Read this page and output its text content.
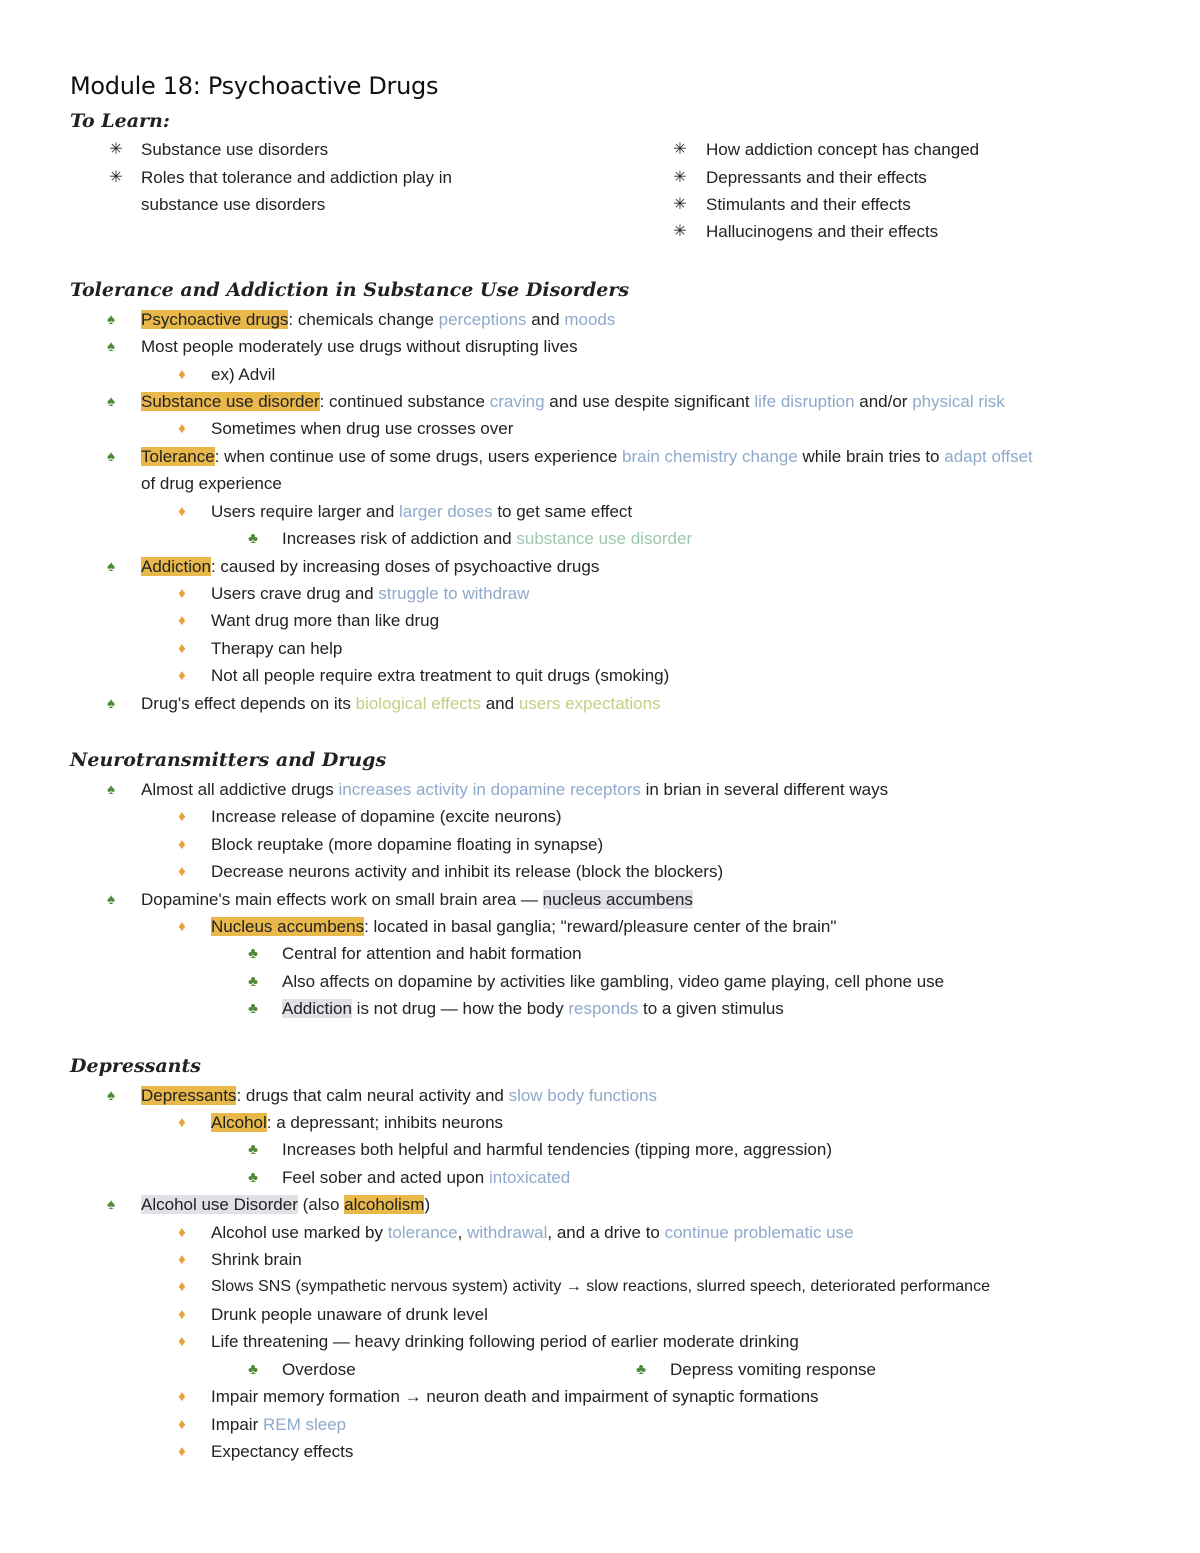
Module 18: Psychoactive Drugs
To Learn:
✳ Substance use disorders
✳ Roles that tolerance and addiction play in
substance use disorders
✳ How addiction concept has changed
✳ Depressants and their effects
✳ Stimulants and their effects
✳ Hallucinogens and their effects
Tolerance and Addiction in Substance Use Disorders
♠	Psychoactive drugs: chemicals change perceptions and moods
♠	Most people moderately use drugs without disrupting lives
♦	ex) Advil
♠	Substance use disorder: continued substance craving and use despite significant life disruption and/or physical risk
♦	Sometimes when drug use crosses over
♠	Tolerance: when continue use of some drugs, users experience brain chemistry change while brain tries to adapt offset
of drug experience
♦	Users require larger and larger doses to get same effect
♣ Increases risk of addiction and substance use disorder
♠	Addiction: caused by increasing doses of psychoactive drugs
♦	Users crave drug and struggle to withdraw
♦	Want drug more than like drug
♦	Therapy can help
♦	Not all people require extra treatment to quit drugs (smoking)
♠	Drug's effect depends on its biological effects and users expectations
Neurotransmitters and Drugs
♠	Almost all addictive drugs increases activity in dopamine receptors in brian in several different ways
♦	Increase release of dopamine (excite neurons)
♦	Block reuptake (more dopamine floating in synapse)
♦	Decrease neurons activity and inhibit its release (block the blockers)
♠	Dopamine's main effects work on small brain area — nucleus accumbens
♦	Nucleus accumbens: located in basal ganglia; "reward/pleasure center of the brain"
♣ Central for attention and habit formation
♣ Also affects on dopamine by activities like gambling, video game playing, cell phone use
♣ Addiction is not drug — how the body responds to a given stimulus
Depressants
♠	Depressants: drugs that calm neural activity and slow body functions
♦	Alcohol: a depressant; inhibits neurons
♣ Increases both helpful and harmful tendencies (tipping more, aggression)
♣ Feel sober and acted upon intoxicated
♠	Alcohol use Disorder (also alcoholism)
♦	Alcohol use marked by tolerance, withdrawal, and a drive to continue problematic use
♦	Shrink brain
♦	Slows SNS (sympathetic nervous system) activity → slow reactions, slurred speech, deteriorated performance
♦	Drunk people unaware of drunk level
♦	Life threatening — heavy drinking following period of earlier moderate drinking
♣ Overdose	♣ Depress vomiting response
♦	Impair memory formation → neuron death and impairment of synaptic formations
♦	Impair REM sleep
♦	Expectancy effects
